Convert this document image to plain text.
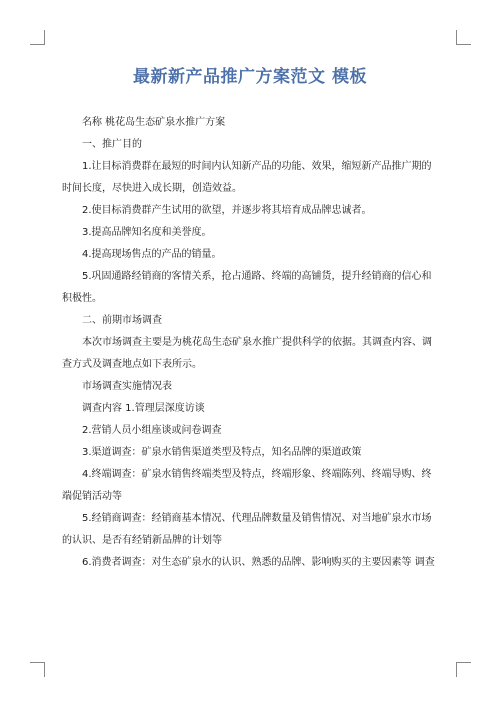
最新新产品推广方案范文 模板

名称 桃花岛生态矿泉水推广方案

一、推广目的

1.让目标消费群在最短的时间内认知新产品的功能、效果，缩短新产品推广期的时间长度，尽快进入成长期，创造效益。

2.使目标消费群产生试用的欲望，并逐步将其培育成品牌忠诚者。

3.提高品牌知名度和美誉度。

4.提高现场售点的产品的销量。

5.巩固通路经销商的客情关系，抢占通路、终端的高铺货，提升经销商的信心和积极性。

二、前期市场调查

本次市场调查主要是为桃花岛生态矿泉水推广提供科学的依据。其调查内容、调查方式及调查地点如下表所示。

市场调查实施情况表

调查内容 1.管理层深度访谈

2.营销人员小组座谈或问卷调查

3.渠道调查：矿泉水销售渠道类型及特点，知名品牌的渠道政策

4.终端调查：矿泉水销售终端类型及特点，终端形象、终端陈列、终端导购、终端促销活动等

5.经销商调查：经销商基本情况、代理品牌数量及销售情况、对当地矿泉水市场的认识、是否有经销新品牌的计划等

6.消费者调查：对生态矿泉水的认识、熟悉的品牌、影响购买的主要因素等 调查
